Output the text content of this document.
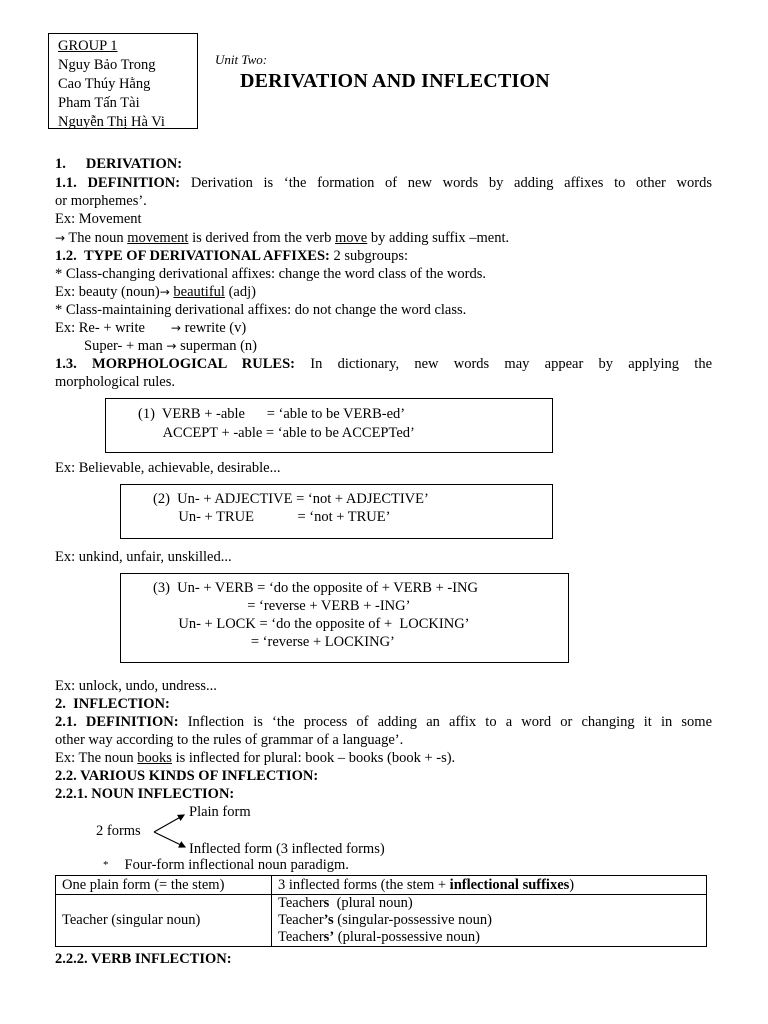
GROUP 1
Nguy Bảo Trong
Cao Thúy Hằng
Pham Tấn Tài
Nguyễn Thị Hà Vi
Unit Two:
DERIVATION AND INFLECTION
1. DERIVATION:
1.1. DEFINITION: Derivation is ‘the formation of new words by adding affixes to other words
or morphemes’.
Ex: Movement
→ The noun movement is derived from the verb move by adding suffix –ment.
1.2. TYPE OF DERIVATIONAL AFFIXES: 2 subgroups:
* Class-changing derivational affixes: change the word class of the words.
Ex: beauty (noun)→ beautiful (adj)
* Class-maintaining derivational affixes: do not change the word class.
Ex: Re- + write → rewrite (v)
Super- + man → superman (n)
1.3. MORPHOLOGICAL RULES: In dictionary, new words may appear by applying the
morphological rules.
(1)  VERB + -able      = ‘able to be VERB-ed’
ACCEPT + -able = ‘able to be ACCEPTed’
Ex: Believable, achievable, desirable...
(2)  Un- + ADJECTIVE = ‘not + ADJECTIVE’
Un- + TRUE            = ‘not + TRUE’
Ex: unkind, unfair, unskilled...
(3)  Un- + VERB = ‘do the opposite of + VERB + -ING
= ‘reverse + VERB + -ING’
Un- + LOCK = ‘do the opposite of +  LOCKING’
= ‘reverse + LOCKING’
Ex: unlock, undo, undress...
2. INFLECTION:
2.1. DEFINITION: Inflection is ‘the process of adding an affix to a word or changing it in some
other way according to the rules of grammar of a language’.
Ex: The noun books is inflected for plural: book – books (book + -s).
2.2. VARIOUS KINDS OF INFLECTION:
2.2.1. NOUN INFLECTION:
Plain form
2 forms
Inflected form (3 inflected forms)
* Four-form inflectional noun paradigm.
One plain form (= the stem)	3 inflected forms (the stem + inflectional suffixes)
Teacher (singular noun)	Teachers  (plural noun)
Teacher’s (singular-possessive noun)
Teachers’ (plural-possessive noun)
2.2.2. VERB INFLECTION:
